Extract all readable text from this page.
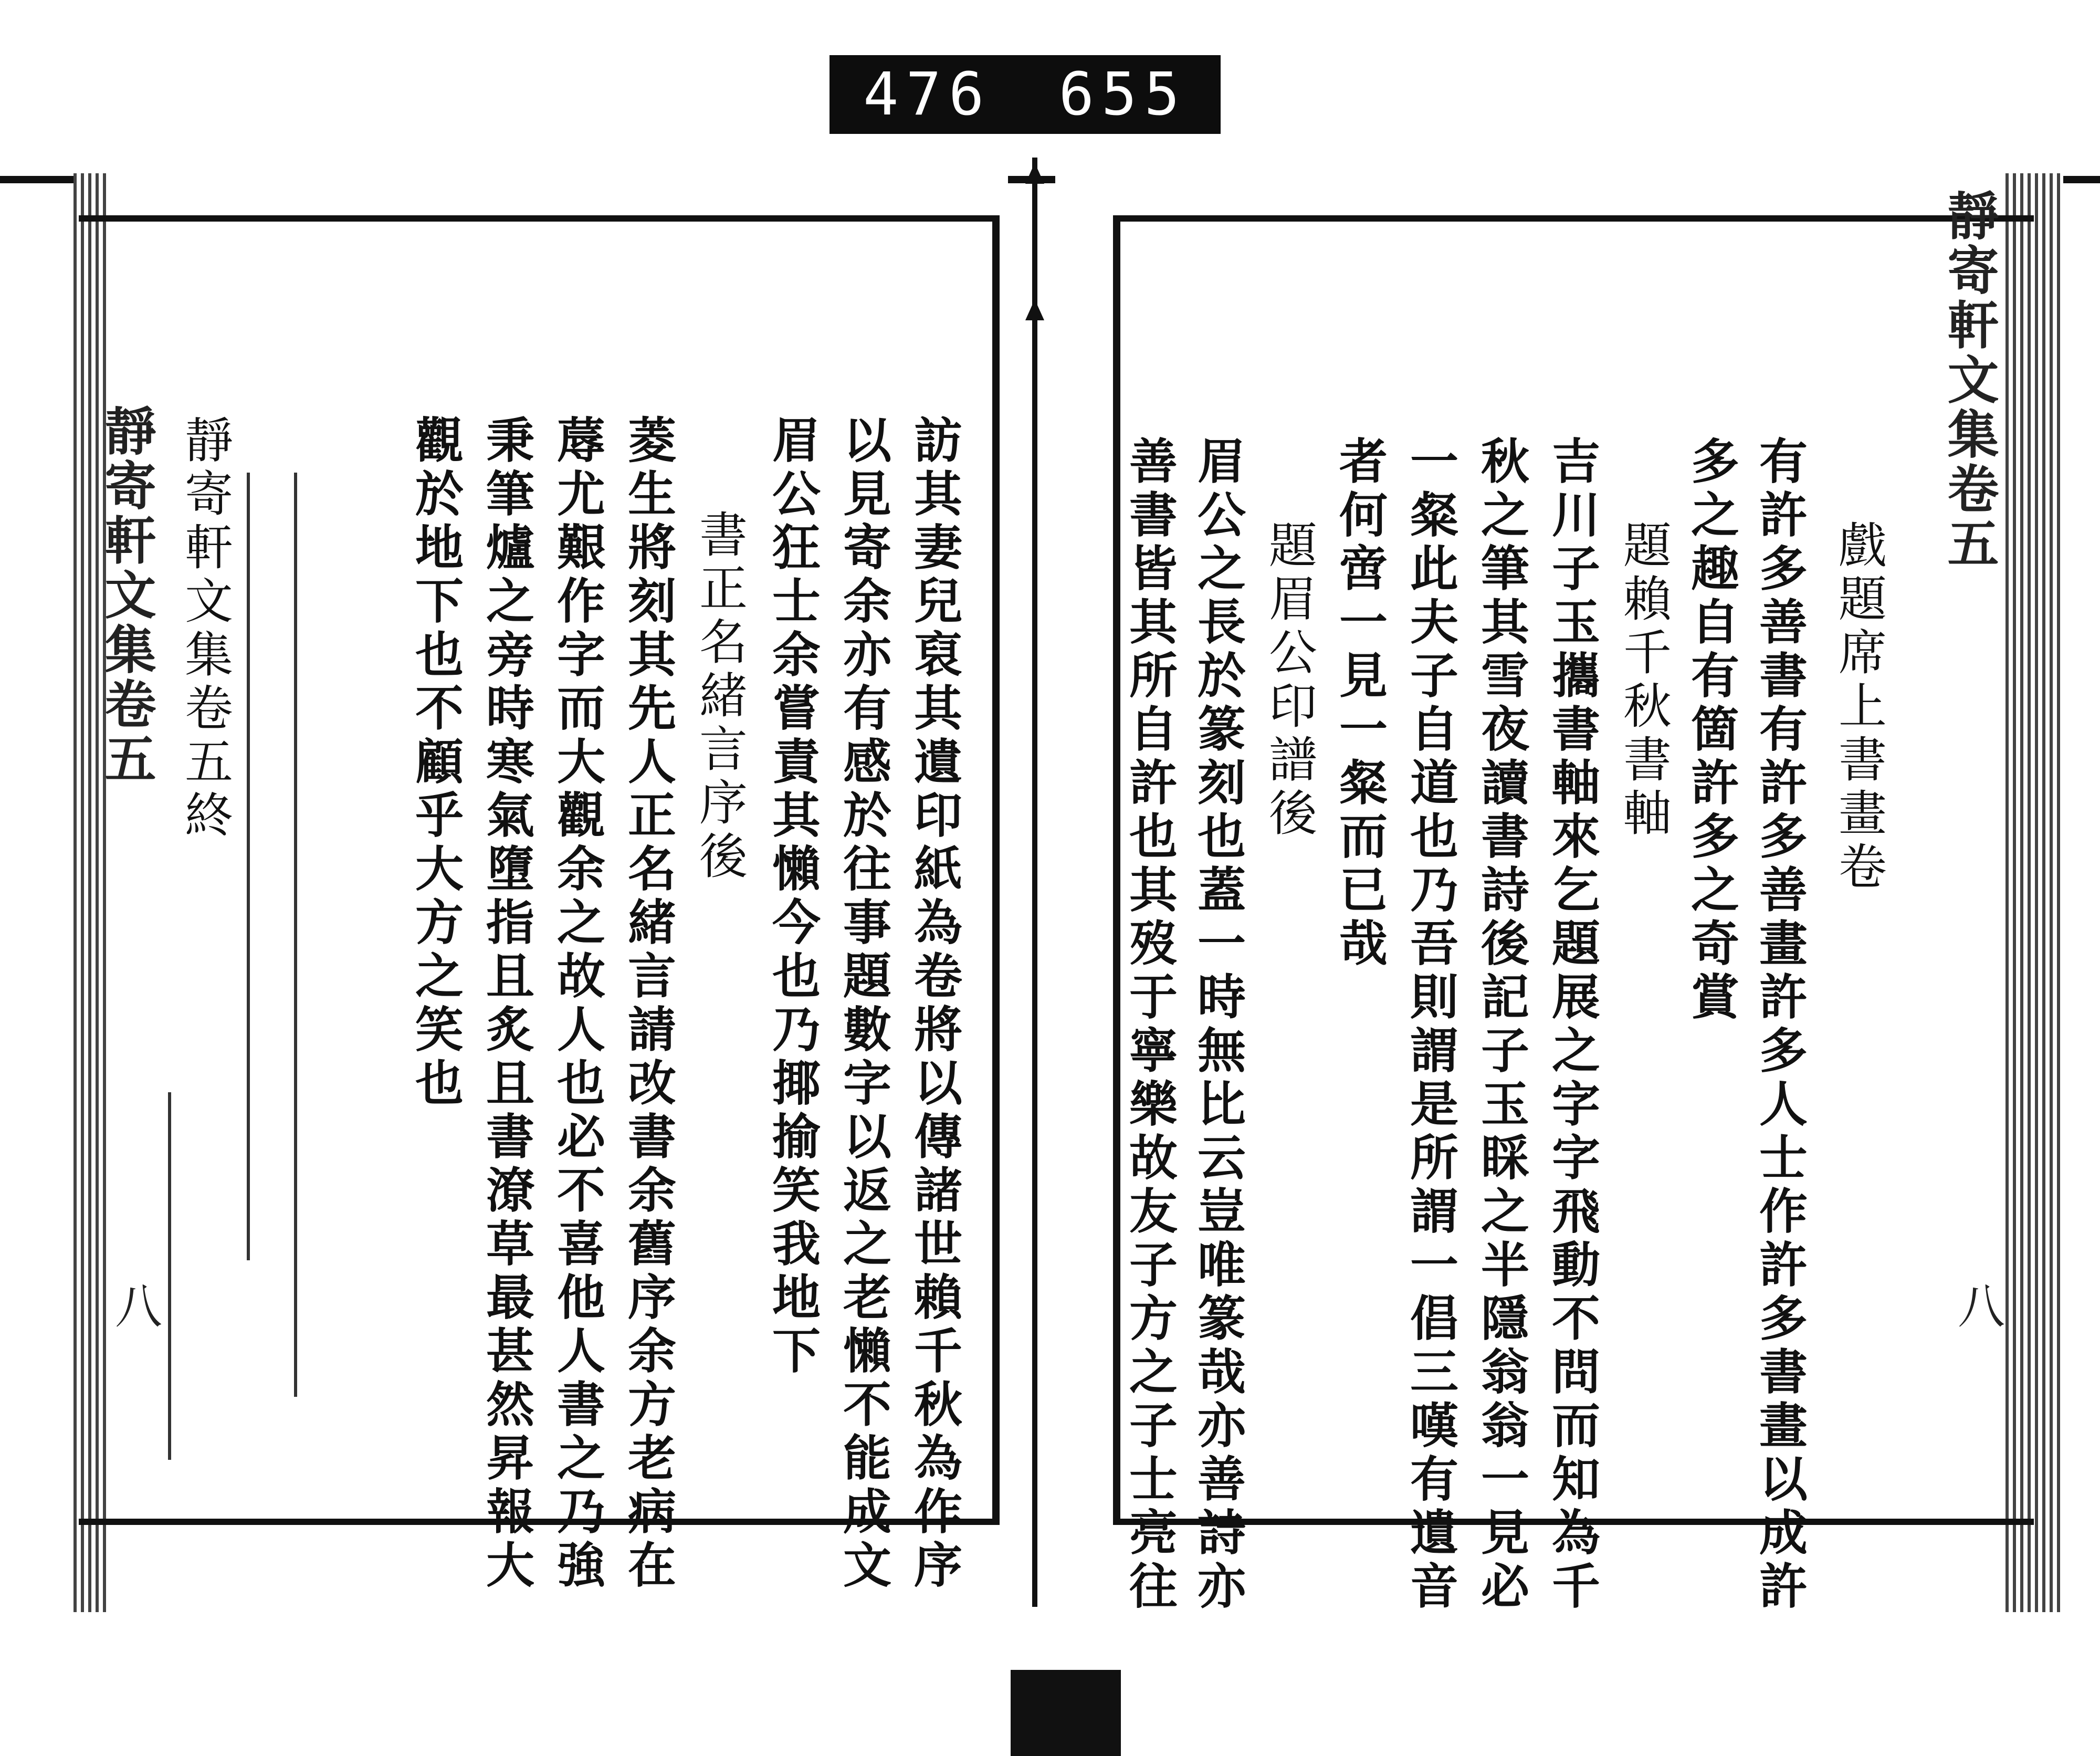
476 655
靜寄軒文集卷五
八
戲題席上書畫卷
有許多善書有許多善畫許多人士作許多書畫以成許
多之趣自有箇許多之奇賞
題賴千秋書軸
吉川子玉攜書軸來乞題展之字字飛動不問而知為千
秋之筆其雪夜讀書詩後記子玉睬之半隱翁翁一見必
一粲此夫子自道也乃吾則謂是所謂一倡三嘆有遺音
者何啻一見一粲而已哉
題眉公印譜後
眉公之長於篆刻也蓋一時無比云豈唯篆哉亦善詩亦
善書皆其所自許也其歿于寧樂故友子方之子士亮往
訪其妻兒裒其遺印紙為卷將以傳諸世賴千秋為作序
以見寄余亦有感於往事題數字以返之老懶不能成文
眉公狂士余嘗責其懶今也乃揶揄笑我地下
書正名緒言序後
菱生將刻其先人正名緒言請改書余舊序余方老病在
蓐尤艱作字而大觀余之故人也必不喜他人書之乃強
秉筆爐之旁時寒氣墮指且炙且書潦草最甚然昇報大
觀於地下也不顧乎大方之笑也
靜寄軒文集卷五終
靜寄軒文集卷五
八
